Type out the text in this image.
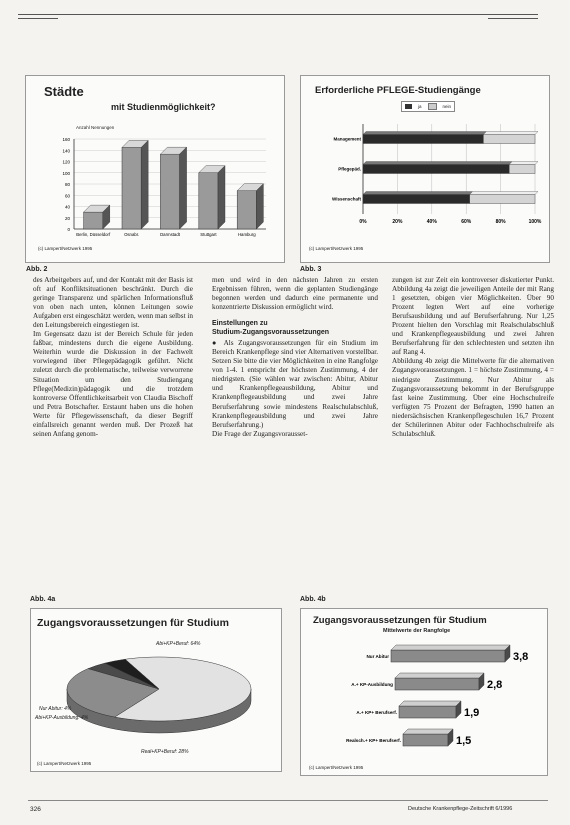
Städte
mit Studienmöglichkeit?
Anzahl Nennungen
160
140
120
100
80
60
40
20
0
Berlin, Düsseldorf	Osnabr.	Darmstadt	Stuttgart	Hamburg
(c) Lampert/Netzwerk 1995
Abb. 2
Erforderliche PFLEGE-Studiengänge
ja	nein
0%	20%	40%	60%	80%	100%
Management
Pflegepäd.
Wissenschaft
(c) Lampert/Netzwerk 1995
Abb. 3

des Arbeitgebers auf, und der Kontakt mit der Basis ist oft auf Konfliktsituationen beschränkt. Durch die geringe Transparenz und spärlichen Informationsfluß von oben nach unten, können Leitungen sowie Aufgaben erst eingeschätzt werden, wenn man selbst in den Leitungsbereich eingestiegen ist.

Im Gegensatz dazu ist der Bereich Schule für jeden faßbar, mindestens durch die eigene Ausbildung. Weiterhin wurde die Diskussion in der Fachwelt vorwiegend über Pflegepädagogik geführt. Nicht zuletzt durch die problematische, teilweise verworrene Situation um den Studiengang Pflege(Medizin)pädagogik und die trotzdem kontroverse Öffentlichkeitsarbeit von Claudia Bischoff und Petra Botschafter. Erstaunt haben uns die hohen Werte für Pflegewissenschaft, da dieser Begriff einfallsreich genannt werden muß. Der Prozeß hat seinen Anfang genom-

men und wird in den nächsten Jahren zu ersten Ergebnissen führen, wenn die geplanten Studiengänge begonnen werden und dadurch eine permanente und konzentrierte Diskussion ermöglicht wird.

Einstellungen zu
Studium-Zugangsvoraussetzungen

● Als Zugangsvoraussetzungen für ein Studium im Bereich Krankenpflege sind vier Alternativen vorstellbar. Setzen Sie bitte die vier Möglichkeiten in eine Rangfolge von 1-4. 1 entspricht der höchsten Zustimmung, 4 der niedrigsten. (Sie wählen war zwischen: Abitur, Abitur und Krankenpflegeausbildung, Abitur und Krankenpflegeausbildung und zwei Jahre Berufserfahrung sowie mindestens Realschulabschluß, Krankenpflegeausbildung und zwei Jahre Berufserfahrung.)

Die Frage der Zugangsvorausset-

zungen ist zur Zeit ein kontroverser diskutierter Punkt. Abbildung 4a zeigt die jeweiligen Anteile der mit Rang 1 gesetzten, obigen vier Möglichkeiten. Über 90 Prozent legten Wert auf eine vorherige Berufsausbildung und auf Berufserfahrung. Nur 1,25 Prozent hielten den Vorschlag mit Realschulabschluß und Krankenpflegeausbildung und zwei Jahren Berufserfahrung für den schlechtesten und setzten ihn auf Rang 4.

Abbildung 4b zeigt die Mittelwerte für die alternativen Zugangsvoraussetzungen. 1 = höchste Zustimmung, 4 = niedrigste Zustimmung. Nur Abitur als Zugangsvoraussetzung bekommt in der Berufsgruppe fast keine Zustimmung. Über eine Hochschulreife verfügten 75 Prozent der Befragten, 1990 hatten an niedersächsischen Krankenpflegeschulen 16,7 Prozent der Schülerinnen Abitur oder Fachhochschulreife als Schulabschluß.

Abb. 4a
Zugangsvoraussetzungen für Studium
Abi+KP+Beruf: 64%
Nur Abitur: 4%
Abi+KP-Ausbildung: 4%
Real+KP+Beruf: 28%
(c) Lampert/Netzwerk 1995
Abb. 4b
Zugangsvoraussetzungen für Studium
Mittelwerte der Rangfolge
3,8
Nur Abitur
2,8
A.+ KP-Ausbildung
1,9
A.+ KP+ Berufserf.
1,5
Realsch.+ KP+ Berufserf.
(c) Lampert/Netzwerk 1995
326	Deutsche Krankenpflege-Zeitschrift 6/1996
